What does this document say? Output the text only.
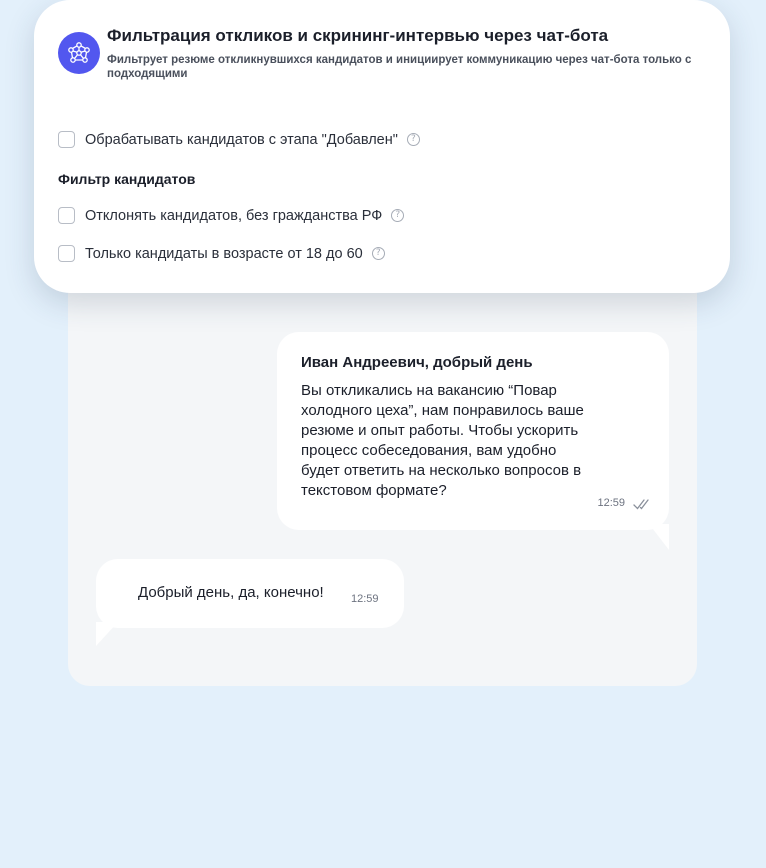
Иван Андреевич, добрый день
Вы откликались на вакансию “Повар холодного цеха”, нам понравилось ваше резюме и опыт работы. Чтобы ускорить процесс собеседования, вам удобно будет ответить на несколько вопросов в текстовом формате?
12:59
Добрый день, да, конечно! 12:59
Фильтрация откликов и скрининг-интервью через чат-бота
Фильтрует резюме откликнувшихся кандидатов и инициирует коммуникацию через чат-бота только с подходящими
Обрабатывать кандидатов с этапа "Добавлен"	?
Фильтр кандидатов
Отклонять кандидатов, без гражданства РФ	?
Только кандидаты в возрасте от 18 до 60	?
